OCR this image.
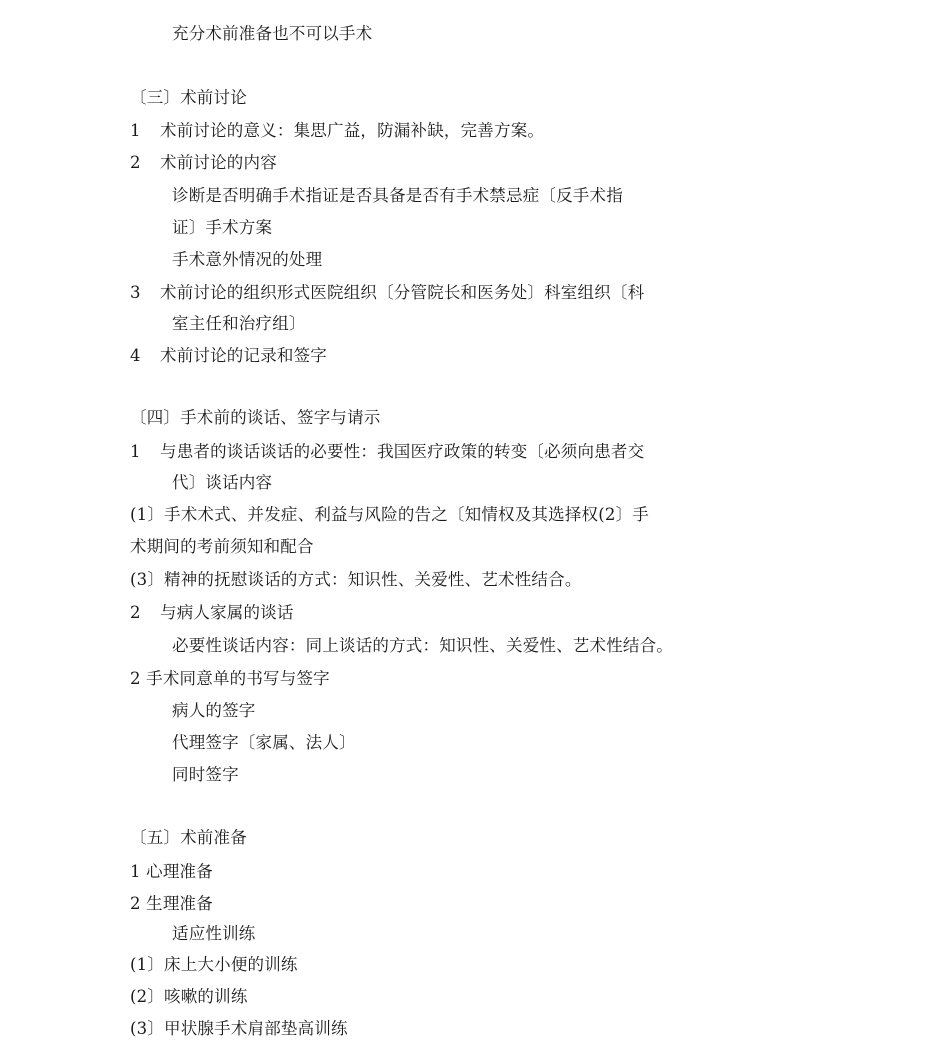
充分术前准备也不可以手术
〔三〕术前讨论
1 术前讨论的意义：集思广益，防漏补缺，完善方案。
2 术前讨论的内容
诊断是否明确手术指证是否具备是否有手术禁忌症〔反手术指
证〕手术方案
手术意外情况的处理
3 术前讨论的组织形式医院组织〔分管院长和医务处〕科室组织〔科
室主任和治疗组〕
4 术前讨论的记录和签字
〔四〕手术前的谈话、签字与请示
1 与患者的谈话谈话的必要性：我国医疗政策的转变〔必须向患者交
代〕谈话内容
(1〕手术术式、并发症、利益与风险的告之〔知情权及其选择权(2〕手
术期间的考前须知和配合
(3〕精神的抚慰谈话的方式：知识性、关爱性、艺术性结合。
2 与病人家属的谈话
必要性谈话内容：同上谈话的方式：知识性、关爱性、艺术性结合。
2 手术同意单的书写与签字
病人的签字
代理签字〔家属、法人〕
同时签字
〔五〕术前准备
1 心理准备
2 生理准备
适应性训练
(1〕床上大小便的训练
(2〕咳嗽的训练
(3〕甲状腺手术肩部垫高训练
